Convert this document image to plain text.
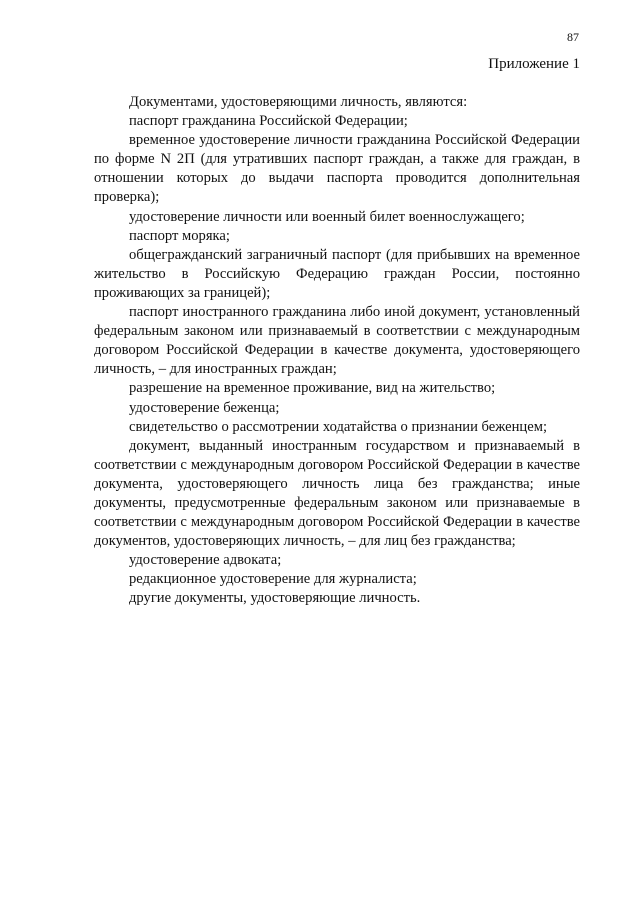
87
Приложение 1

Документами, удостоверяющими личность, являются:

паспорт гражданина Российской Федерации;

временное удостоверение личности гражданина Российской Федерации по форме N 2П (для утративших паспорт граждан, а также для граждан, в отношении которых до выдачи паспорта проводится дополнительная проверка);

удостоверение личности или военный билет военнослужащего;

паспорт моряка;

общегражданский заграничный паспорт (для прибывших на временное жительство в Российскую Федерацию граждан России, постоянно проживающих за границей);

паспорт иностранного гражданина либо иной документ, установленный федеральным законом или признаваемый в соответствии с международным договором Российской Федерации в качестве документа, удостоверяющего личность, – для иностранных граждан;

разрешение на временное проживание, вид на жительство;

удостоверение беженца;

свидетельство о рассмотрении ходатайства о признании беженцем;

документ, выданный иностранным государством и признаваемый в соответствии с международным договором Российской Федерации в качестве документа, удостоверяющего личность лица без гражданства; иные документы, предусмотренные федеральным законом или признаваемые в соответствии с международным договором Российской Федерации в качестве документов, удостоверяющих личность, – для лиц без гражданства;

удостоверение адвоката;

редакционное удостоверение для журналиста;

другие документы, удостоверяющие личность.
